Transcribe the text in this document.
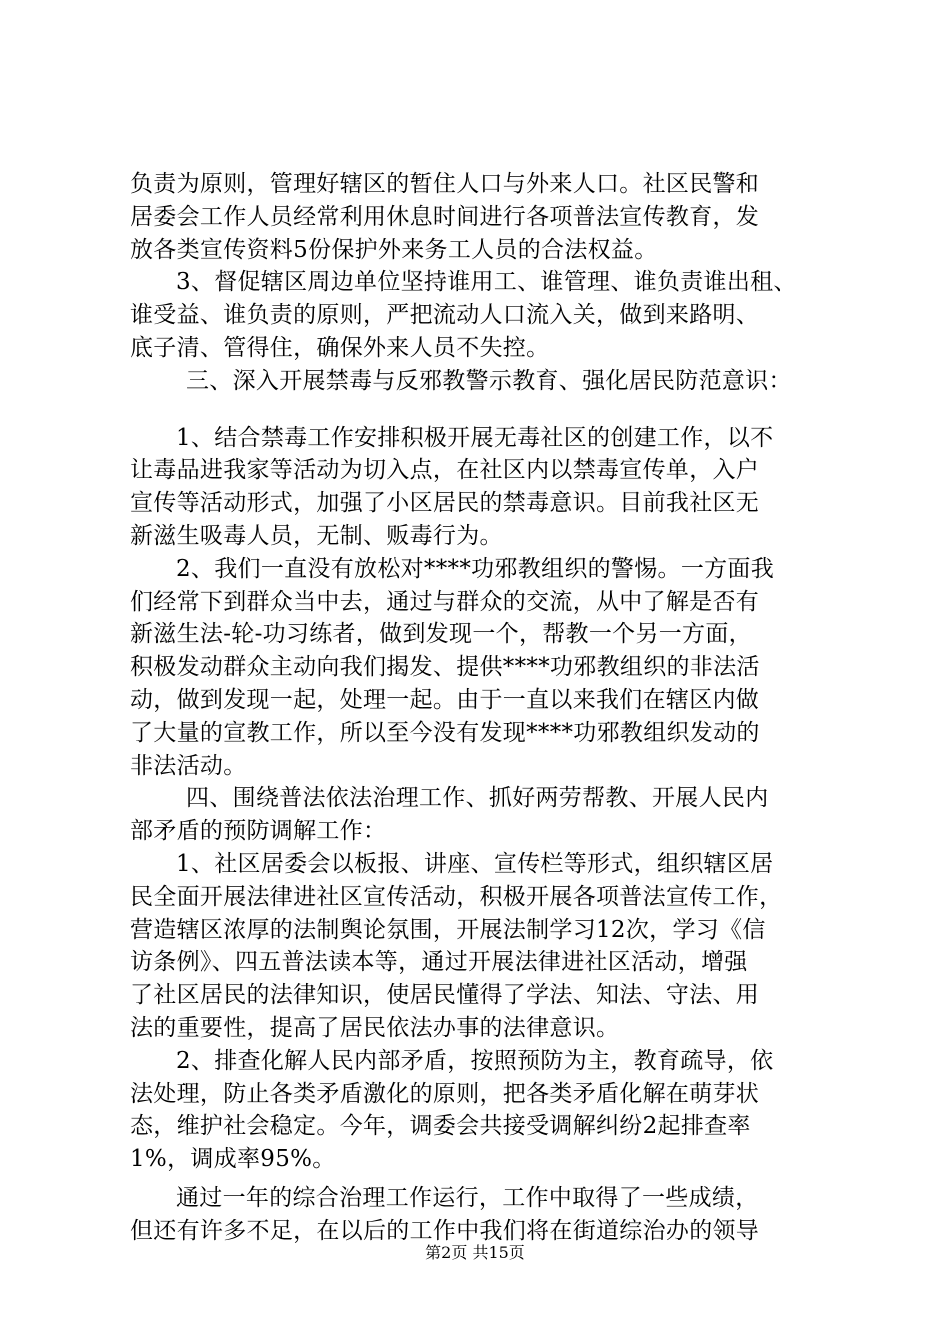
负责为原则，管理好辖区的暂住人口与外来人口。社区民警和
居委会工作人员经常利用休息时间进行各项普法宣传教育，发
放各类宣传资料5份保护外来务工人员的合法权益。
3、督促辖区周边单位坚持谁用工、谁管理、谁负责谁出租、
谁受益、谁负责的原则，严把流动人口流入关，做到来路明、
底子清、管得住，确保外来人员不失控。
三、深入开展禁毒与反邪教警示教育、强化居民防范意识：
1、结合禁毒工作安排积极开展无毒社区的创建工作，以不
让毒品进我家等活动为切入点，在社区内以禁毒宣传单，入户
宣传等活动形式，加强了小区居民的禁毒意识。目前我社区无
新滋生吸毒人员，无制、贩毒行为。
2、我们一直没有放松对****功邪教组织的警惕。一方面我
们经常下到群众当中去，通过与群众的交流，从中了解是否有
新滋生法-轮-功习练者，做到发现一个，帮教一个另一方面，
积极发动群众主动向我们揭发、提供****功邪教组织的非法活
动，做到发现一起，处理一起。由于一直以来我们在辖区内做
了大量的宣教工作，所以至今没有发现****功邪教组织发动的
非法活动。
四、围绕普法依法治理工作、抓好两劳帮教、开展人民内
部矛盾的预防调解工作：
1、社区居委会以板报、讲座、宣传栏等形式，组织辖区居
民全面开展法律进社区宣传活动，积极开展各项普法宣传工作，
营造辖区浓厚的法制舆论氛围，开展法制学习12次，学习《信
访条例》、四五普法读本等，通过开展法律进社区活动，增强
了社区居民的法律知识，使居民懂得了学法、知法、守法、用
法的重要性，提高了居民依法办事的法律意识。
2、排查化解人民内部矛盾，按照预防为主，教育疏导，依
法处理，防止各类矛盾激化的原则，把各类矛盾化解在萌芽状
态，维护社会稳定。今年，调委会共接受调解纠纷2起排查率
1%，调成率95%。
通过一年的综合治理工作运行，工作中取得了一些成绩，
但还有许多不足，在以后的工作中我们将在街道综治办的领导
第2页 共15页
